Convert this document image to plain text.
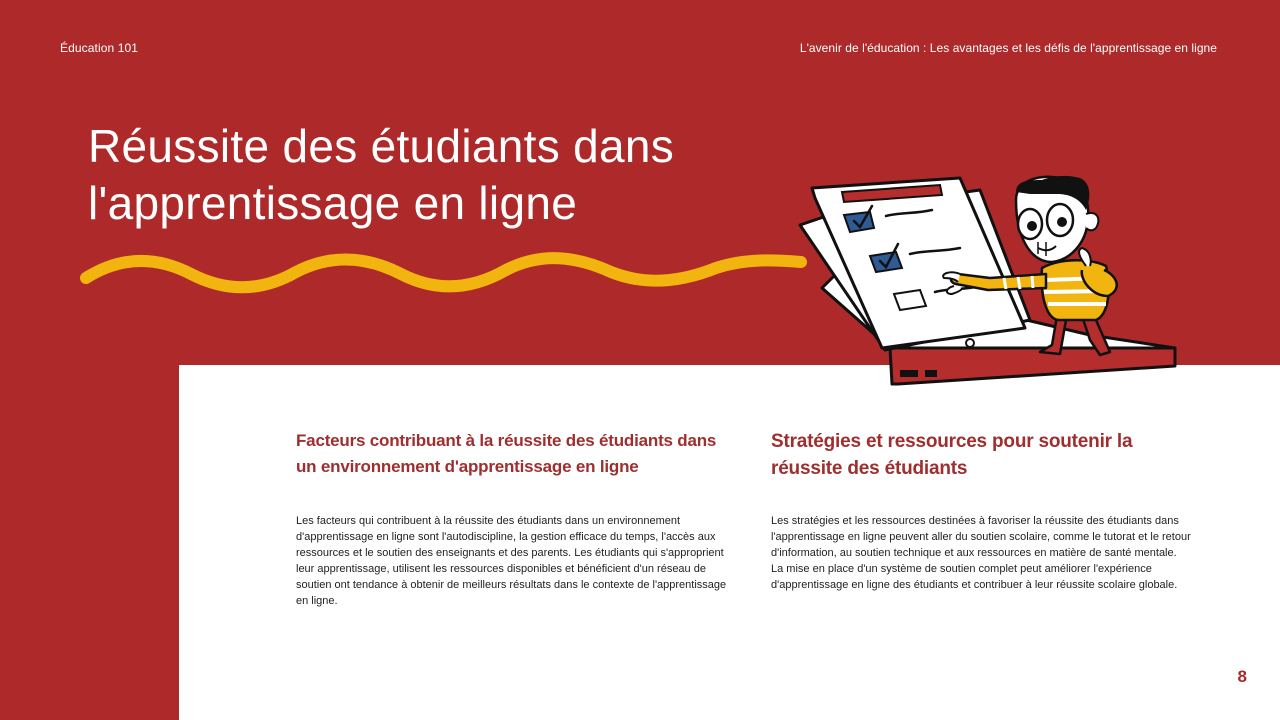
Éducation 101	L'avenir de l'éducation : Les avantages et les défis de l'apprentissage en ligne
Réussite des étudiants dans l'apprentissage en ligne
Facteurs contribuant à la réussite des étudiants dans un environnement d'apprentissage en ligne

Les facteurs qui contribuent à la réussite des étudiants dans un environnement d'apprentissage en ligne sont l'autodiscipline, la gestion efficace du temps, l'accès aux ressources et le soutien des enseignants et des parents. Les étudiants qui s'approprient leur apprentissage, utilisent les ressources disponibles et bénéficient d'un réseau de soutien ont tendance à obtenir de meilleurs résultats dans le contexte de l'apprentissage en ligne.

Stratégies et ressources pour soutenir la réussite des étudiants

Les stratégies et les ressources destinées à favoriser la réussite des étudiants dans l'apprentissage en ligne peuvent aller du soutien scolaire, comme le tutorat et le retour d'information, au soutien technique et aux ressources en matière de santé mentale. La mise en place d'un système de soutien complet peut améliorer l'expérience d'apprentissage en ligne des étudiants et contribuer à leur réussite scolaire globale.

8
